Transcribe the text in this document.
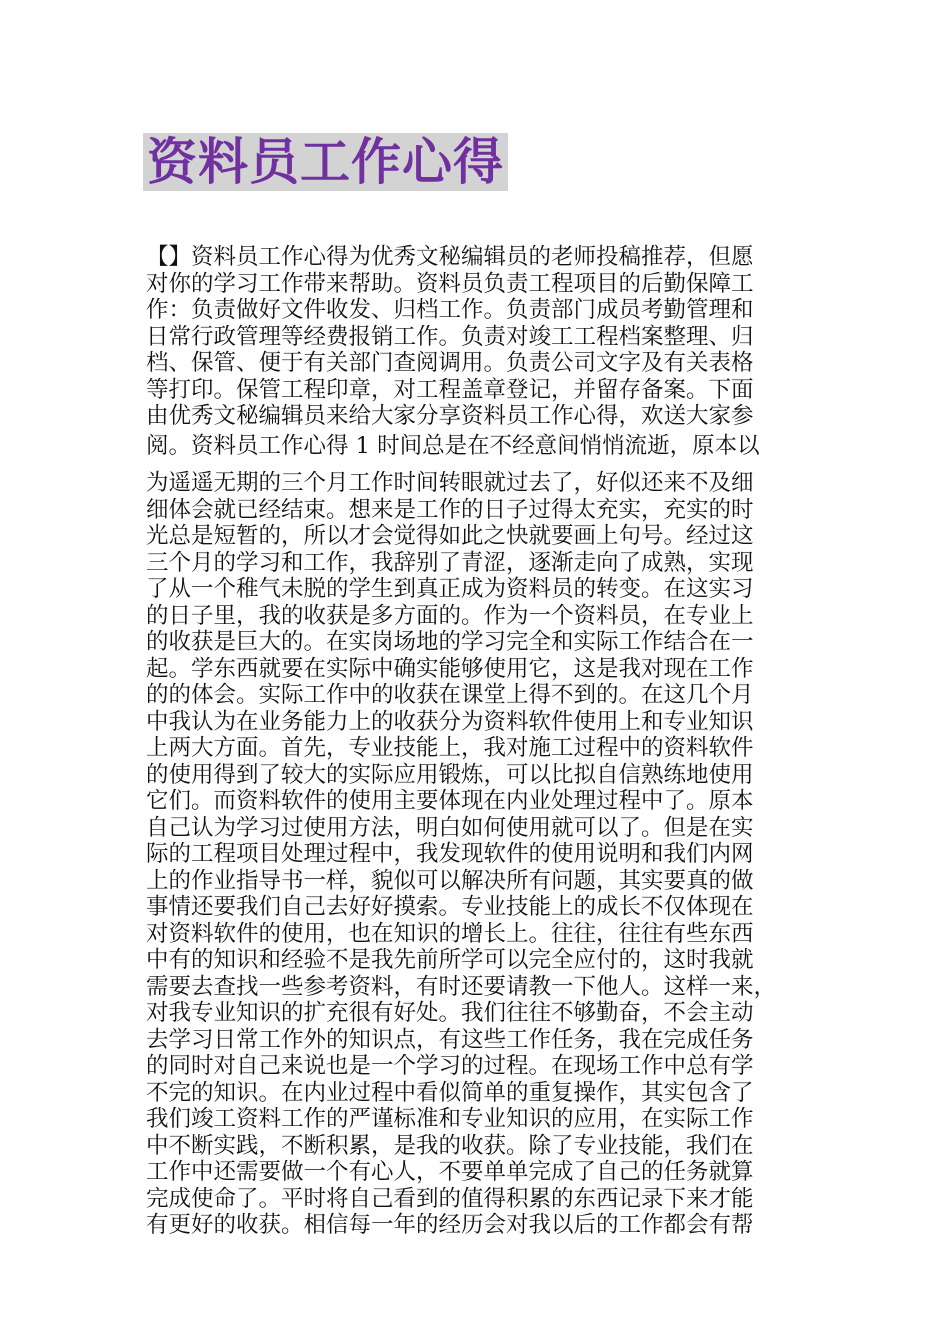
资料员工作心得

【】资料员工作心得为优秀文秘编辑员的老师投稿推荐，但愿
对你的学习工作带来帮助。资料员负责工程项目的后勤保障工
作：负责做好文件收发、归档工作。负责部门成员考勤管理和
日常行政管理等经费报销工作。负责对竣工工程档案整理、归
档、保管、便于有关部门查阅调用。负责公司文字及有关表格
等打印。保管工程印章，对工程盖章登记，并留存备案。下面
由优秀文秘编辑员来给大家分享资料员工作心得，欢送大家参

阅。资料员工作心得 1 时间总是在不经意间悄悄流逝，原本以

为遥遥无期的三个月工作时间转眼就过去了，好似还来不及细
细体会就已经结束。想来是工作的日子过得太充实，充实的时
光总是短暂的，所以才会觉得如此之快就要画上句号。经过这
三个月的学习和工作，我辞别了青涩，逐渐走向了成熟，实现
了从一个稚气未脱的学生到真正成为资料员的转变。在这实习
的日子里，我的收获是多方面的。作为一个资料员，在专业上
的收获是巨大的。在实岗场地的学习完全和实际工作结合在一
起。学东西就要在实际中确实能够使用它，这是我对现在工作
的的体会。实际工作中的收获在课堂上得不到的。在这几个月
中我认为在业务能力上的收获分为资料软件使用上和专业知识
上两大方面。首先，专业技能上，我对施工过程中的资料软件
的使用得到了较大的实际应用锻炼，可以比拟自信熟练地使用
它们。而资料软件的使用主要体现在内业处理过程中了。原本
自己认为学习过使用方法，明白如何使用就可以了。但是在实
际的工程项目处理过程中，我发现软件的使用说明和我们内网
上的作业指导书一样，貌似可以解决所有问题，其实要真的做
事情还要我们自己去好好摸索。专业技能上的成长不仅体现在
对资料软件的使用，也在知识的增长上。往往，往往有些东西
中有的知识和经验不是我先前所学可以完全应付的，这时我就
需要去查找一些参考资料，有时还要请教一下他人。这样一来，
对我专业知识的扩充很有好处。我们往往不够勤奋，不会主动
去学习日常工作外的知识点，有这些工作任务，我在完成任务
的同时对自己来说也是一个学习的过程。在现场工作中总有学
不完的知识。在内业过程中看似简单的重复操作，其实包含了
我们竣工资料工作的严谨标准和专业知识的应用，在实际工作
中不断实践，不断积累，是我的收获。除了专业技能，我们在
工作中还需要做一个有心人，不要单单完成了自己的任务就算
完成使命了。平时将自己看到的值得积累的东西记录下来才能
有更好的收获。相信每一年的经历会对我以后的工作都会有帮
